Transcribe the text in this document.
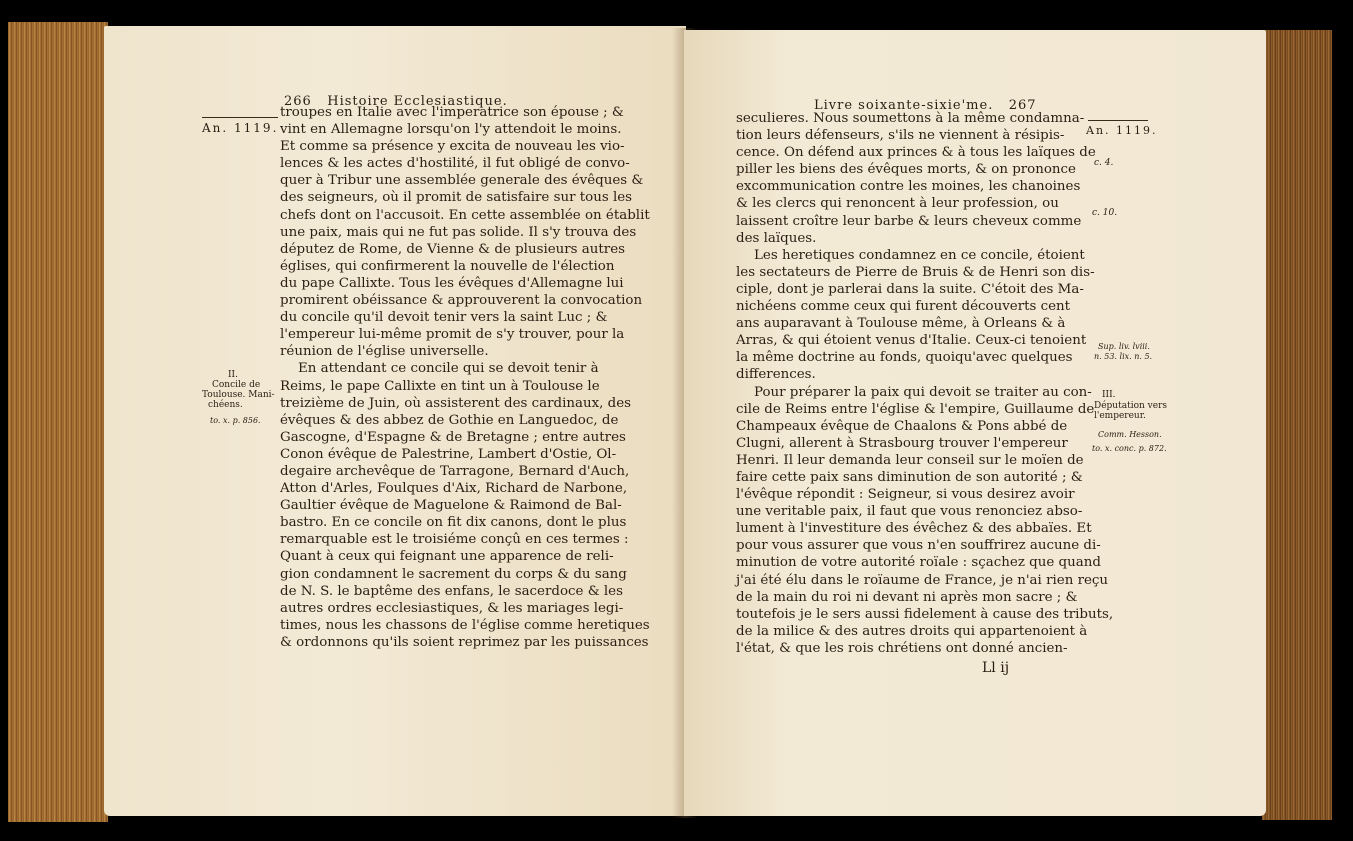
266 Histoire Ecclesiastique.
An. 1119.
II.
Concile de
Toulouse. Mani-
chéens.
to. x. p. 856.
troupes en Italie avec l'imperatrice son épouse ; &
vint en Allemagne lorsqu'on l'y attendoit le moins.
Et comme sa présence y excita de nouveau les vio-
lences & les actes d'hostilité, il fut obligé de convo-
quer à Tribur une assemblée generale des évêques &
des seigneurs, où il promit de satisfaire sur tous les
chefs dont on l'accusoit. En cette assemblée on établit
une paix, mais qui ne fut pas solide. Il s'y trouva des
députez de Rome, de Vienne & de plusieurs autres
églises, qui confirmerent la nouvelle de l'élection
du pape Callixte. Tous les évêques d'Allemagne lui
promirent obéissance & approuverent la convocation
du concile qu'il devoit tenir vers la saint Luc ; &
l'empereur lui-même promit de s'y trouver, pour la
réunion de l'église universelle.
En attendant ce concile qui se devoit tenir à
Reims, le pape Callixte en tint un à Toulouse le
treizième de Juin, où assisterent des cardinaux, des
évêques & des abbez de Gothie en Languedoc, de
Gascogne, d'Espagne & de Bretagne ; entre autres
Conon évêque de Palestrine, Lambert d'Ostie, Ol-
degaire archevêque de Tarragone, Bernard d'Auch,
Atton d'Arles, Foulques d'Aix, Richard de Narbone,
Gaultier évêque de Maguelone & Raimond de Bal-
bastro. En ce concile on fit dix canons, dont le plus
remarquable est le troisiéme conçû en ces termes :
Quant à ceux qui feignant une apparence de reli-
gion condamnent le sacrement du corps & du sang
de N. S. le baptême des enfans, le sacerdoce & les
autres ordres ecclesiastiques, & les mariages legi-
times, nous les chassons de l'église comme heretiques
& ordonnons qu'ils soient reprimez par les puissances
Livre soixante-sixie'me. 267
An. 1119.
c. 4.
c. 10.
Sup. liv. lviii.
n. 53. lix. n. 5.
III.
Députation vers
l'empereur.
Comm. Hesson.
to. x. conc. p. 872.
seculieres. Nous soumettons à la même condamna-
tion leurs défenseurs, s'ils ne viennent à résipis-
cence. On défend aux princes & à tous les laïques de
piller les biens des évêques morts, & on prononce
excommunication contre les moines, les chanoines
& les clercs qui renoncent à leur profession, ou
laissent croître leur barbe & leurs cheveux comme
des laïques.
Les heretiques condamnez en ce concile, étoient
les sectateurs de Pierre de Bruis & de Henri son dis-
ciple, dont je parlerai dans la suite. C'étoit des Ma-
nichéens comme ceux qui furent découverts cent
ans auparavant à Toulouse même, à Orleans & à
Arras, & qui étoient venus d'Italie. Ceux-ci tenoient
la même doctrine au fonds, quoiqu'avec quelques
differences.
Pour préparer la paix qui devoit se traiter au con-
cile de Reims entre l'église & l'empire, Guillaume de
Champeaux évêque de Chaalons & Pons abbé de
Clugni, allerent à Strasbourg trouver l'empereur
Henri. Il leur demanda leur conseil sur le moïen de
faire cette paix sans diminution de son autorité ; &
l'évêque répondit : Seigneur, si vous desirez avoir
une veritable paix, il faut que vous renonciez abso-
lument à l'investiture des évêchez & des abbaïes. Et
pour vous assurer que vous n'en souffrirez aucune di-
minution de votre autorité roïale : sçachez que quand
j'ai été élu dans le roïaume de France, je n'ai rien reçu
de la main du roi ni devant ni après mon sacre ; &
toutefois je le sers aussi fidelement à cause des tributs,
de la milice & des autres droits qui appartenoient à
l'état, & que les rois chrétiens ont donné ancien-
Ll ij
